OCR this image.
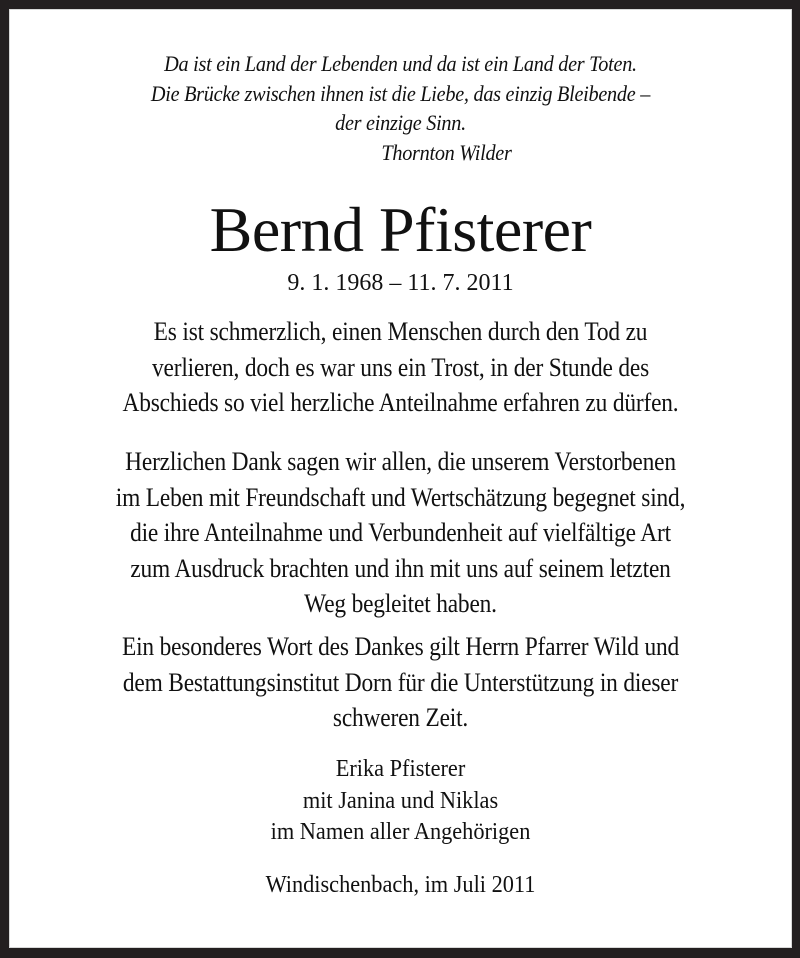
Da ist ein Land der Lebenden und da ist ein Land der Toten.
Die Brücke zwischen ihnen ist die Liebe, das einzig Bleibende –
der einzige Sinn.
Thornton Wilder
Bernd Pfisterer
9. 1. 1968 – 11. 7. 2011
Es ist schmerzlich, einen Menschen durch den Tod zu
verlieren, doch es war uns ein Trost, in der Stunde des
Abschieds so viel herzliche Anteilnahme erfahren zu dürfen.
Herzlichen Dank sagen wir allen, die unserem Verstorbenen
im Leben mit Freundschaft und Wertschätzung begegnet sind,
die ihre Anteilnahme und Verbundenheit auf vielfältige Art
zum Ausdruck brachten und ihn mit uns auf seinem letzten
Weg begleitet haben.
Ein besonderes Wort des Dankes gilt Herrn Pfarrer Wild und
dem Bestattungsinstitut Dorn für die Unterstützung in dieser
schweren Zeit.
Erika Pfisterer
mit Janina und Niklas
im Namen aller Angehörigen
Windischenbach, im Juli 2011
